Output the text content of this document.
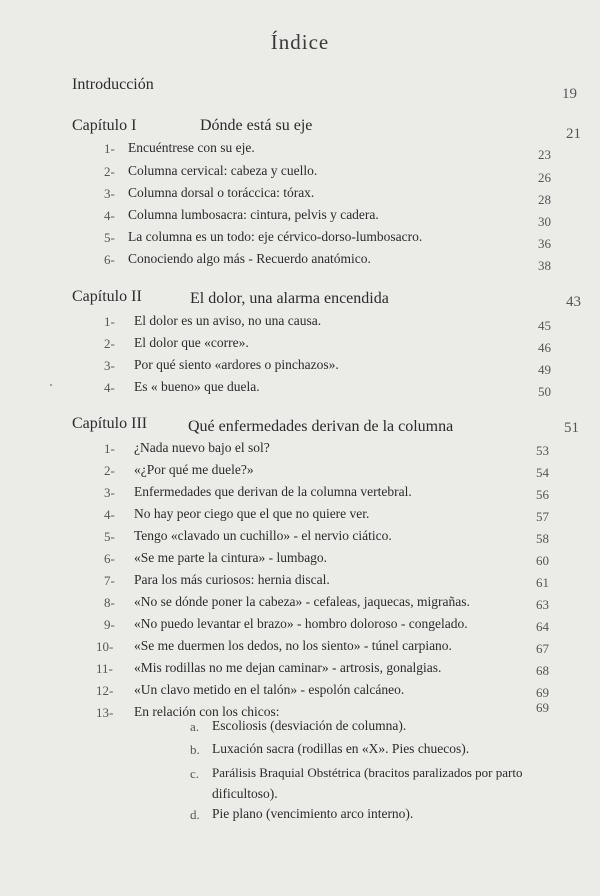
Índice
Introducción
19
Capítulo I	Dónde está su eje	21
1- Encuéntrese con su eje.	23
2- Columna cervical: cabeza y cuello.	26
3- Columna dorsal o toráccica: tórax.	28
4- Columna lumbosacra: cintura, pelvis y cadera.	30
5- La columna es un todo: eje cérvico-dorso-lumbosacro.	36
6- Conociendo algo más - Recuerdo anatómico.	38
Capítulo II	El dolor, una alarma encendida	43
1- El dolor es un aviso, no una causa.	45
2- El dolor que «corre».	46
3- Por qué siento «ardores o pinchazos».	49
4- Es « bueno» que duela.	50
Capítulo III	Qué enfermedades derivan de la columna	51
1- ¿Nada nuevo bajo el sol?	53
2- «¿Por qué me duele?»	54
3- Enfermedades que derivan de la columna vertebral.	56
4- No hay peor ciego que el que no quiere ver.	57
5- Tengo «clavado un cuchillo» - el nervio ciático.	58
6- «Se me parte la cintura» - lumbago.	60
7- Para los más curiosos: hernia discal.	61
8- «No se dónde poner la cabeza» - cefaleas, jaquecas, migrañas.	63
9- «No puedo levantar el brazo» - hombro doloroso - congelado.	64
10- «Se me duermen los dedos, no los siento» - túnel carpiano.	67
11- «Mis rodillas no me dejan caminar» - artrosis, gonalgias.	68
12- «Un clavo metido en el talón» - espolón calcáneo.	69
13- En relación con los chicos:	69
a. Escoliosis (desviación de columna).
b. Luxación sacra (rodillas en «X». Pies chuecos).
c. Parálisis Braquial Obstétrica (bracitos paralizados por parto
dificultoso).
d. Pie plano (vencimiento arco interno).
